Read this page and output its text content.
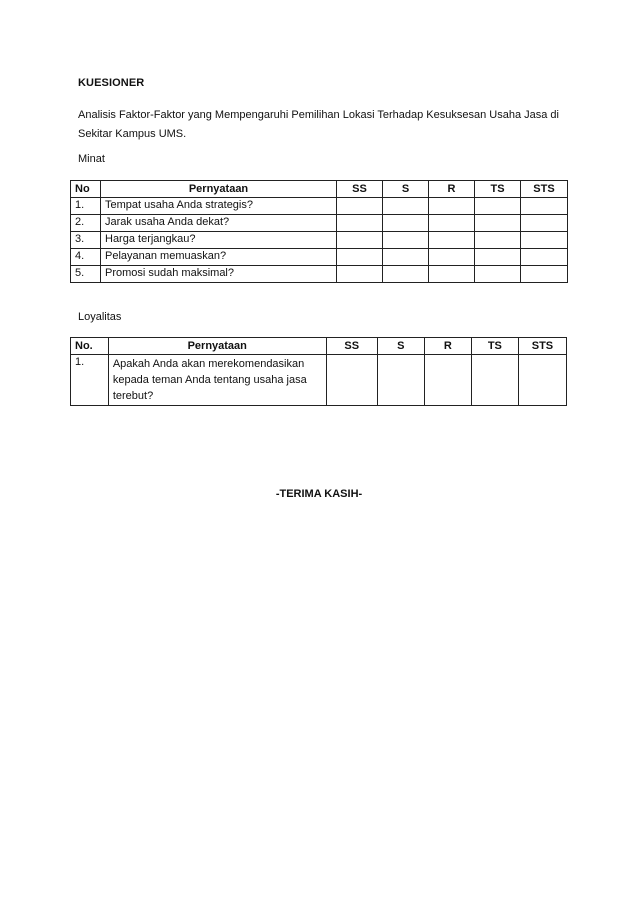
KUESIONER
Analisis Faktor-Faktor yang Mempengaruhi Pemilihan Lokasi Terhadap Kesuksesan Usaha Jasa di Sekitar Kampus UMS.
Minat
No	Pernyataan	SS	S	R	TS	STS
1.	Tempat usaha Anda strategis?					
2.	Jarak usaha Anda dekat?					
3.	Harga terjangkau?					
4.	Pelayanan memuaskan?					
5.	Promosi sudah maksimal?					
Loyalitas
No.	Pernyataan	SS	S	R	TS	STS
1.	Apakah Anda akan merekomendasikan kepada teman Anda tentang usaha jasa terebut?					
-TERIMA KASIH-
